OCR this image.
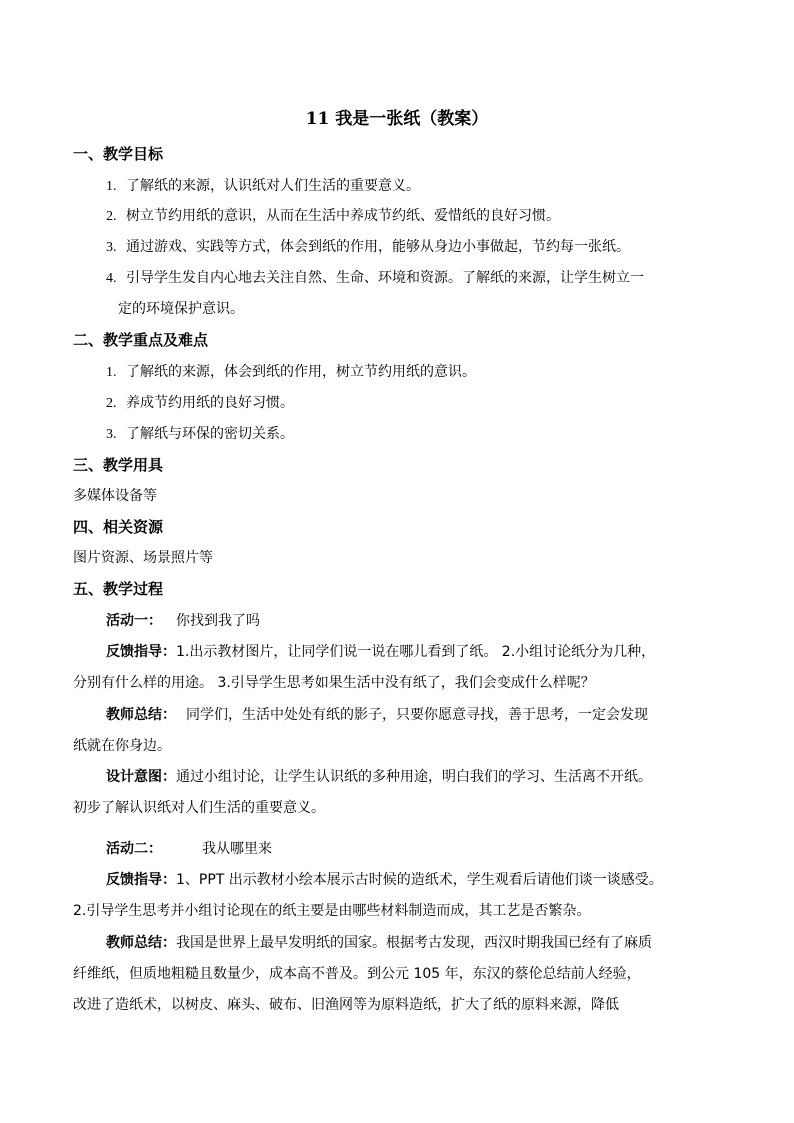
11 我是一张纸（教案）
一、教学目标
1. 了解纸的来源，认识纸对人们生活的重要意义。
2. 树立节约用纸的意识，从而在生活中养成节约纸、爱惜纸的良好习惯。
3. 通过游戏、实践等方式，体会到纸的作用，能够从身边小事做起，节约每一张纸。
4. 引导学生发自内心地去关注自然、生命、环境和资源。了解纸的来源，让学生树立一
定的环境保护意识。
二、教学重点及难点
1. 了解纸的来源，体会到纸的作用，树立节约用纸的意识。
2. 养成节约用纸的良好习惯。
3. 了解纸与环保的密切关系。
三、教学用具
多媒体设备等
四、相关资源
图片资源、场景照片等
五、教学过程
活动一： 你找到我了吗
反馈指导：1.出示教材图片，让同学们说一说在哪儿看到了纸。 2.小组讨论纸分为几种，
分别有什么样的用途。 3.引导学生思考如果生活中没有纸了，我们会变成什么样呢？
教师总结： 同学们，生活中处处有纸的影子，只要你愿意寻找，善于思考，一定会发现
纸就在你身边。
设计意图：通过小组讨论，让学生认识纸的多种用途，明白我们的学习、生活离不开纸。
初步了解认识纸对人们生活的重要意义。
活动二：	我从哪里来
反馈指导：1、PPT 出示教材小绘本展示古时候的造纸术，学生观看后请他们谈一谈感受。
2.引导学生思考并小组讨论现在的纸主要是由哪些材料制造而成，其工艺是否繁杂。
教师总结：我国是世界上最早发明纸的国家。根据考古发现，西汉时期我国已经有了麻质
纤维纸，但质地粗糙且数量少，成本高不普及。到公元 105 年，东汉的蔡伦总结前人经验，
改进了造纸术，以树皮、麻头、破布、旧渔网等为原料造纸，扩大了纸的原料来源，降低
